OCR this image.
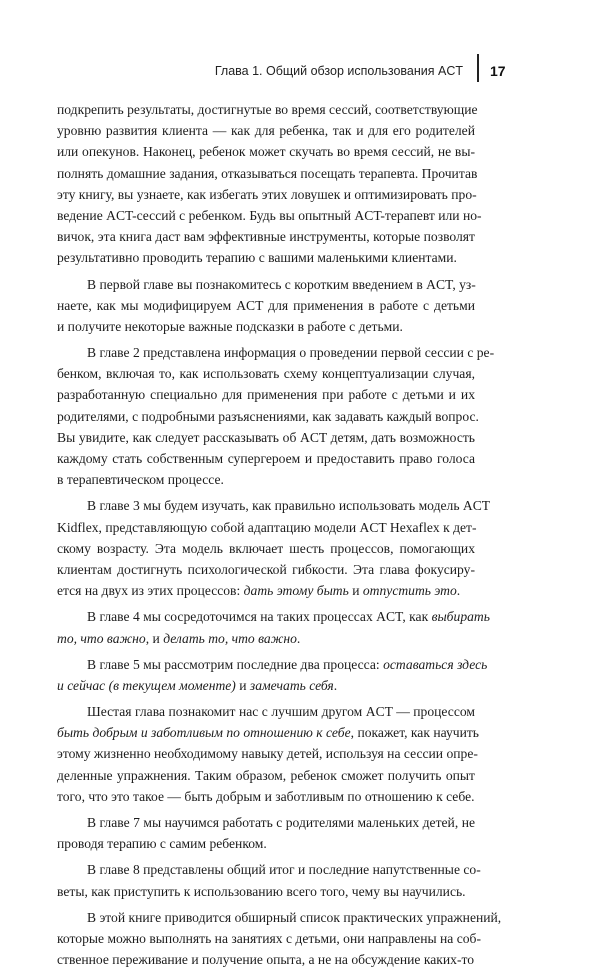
Глава 1. Общий обзор использования ACT 17
подкрепить результаты, достигнутые во время сессий, соответствующие
уровню развития клиента — как для ребенка, так и для его родителей
или опекунов. Наконец, ребенок может скучать во время сессий, не вы-
полнять домашние задания, отказываться посещать терапевта. Прочитав
эту книгу, вы узнаете, как избегать этих ловушек и оптимизировать про-
ведение ACT-сессий с ребенком. Будь вы опытный ACT-терапевт или но-
вичок, эта книга даст вам эффективные инструменты, которые позволят
результативно проводить терапию с вашими маленькими клиентами.
В первой главе вы познакомитесь с коротким введением в ACT, уз-
наете, как мы модифицируем ACT для применения в работе с детьми
и получите некоторые важные подсказки в работе с детьми.
В главе 2 представлена информация о проведении первой сессии с ре-
бенком, включая то, как использовать схему концептуализации случая,
разработанную специально для применения при работе с детьми и их
родителями, с подробными разъяснениями, как задавать каждый вопрос.
Вы увидите, как следует рассказывать об ACT детям, дать возможность
каждому стать собственным супергероем и предоставить право голоса
в терапевтическом процессе.
В главе 3 мы будем изучать, как правильно использовать модель ACT
Kidflex, представляющую собой адаптацию модели ACT Hexaflex к дет-
скому возрасту. Эта модель включает шесть процессов, помогающих
клиентам достигнуть психологической гибкости. Эта глава фокусиру-
ется на двух из этих процессов: дать этому быть и отпустить это.
В главе 4 мы сосредоточимся на таких процессах ACT, как выбирать
то, что важно, и делать то, что важно.
В главе 5 мы рассмотрим последние два процесса: оставаться здесь
и сейчас (в текущем моменте) и замечать себя.
Шестая глава познакомит нас с лучшим другом ACT — процессом
быть добрым и заботливым по отношению к себе, покажет, как научить
этому жизненно необходимому навыку детей, используя на сессии опре-
деленные упражнения. Таким образом, ребенок сможет получить опыт
того, что это такое — быть добрым и заботливым по отношению к себе.
В главе 7 мы научимся работать с родителями маленьких детей, не
проводя терапию с самим ребенком.
В главе 8 представлены общий итог и последние напутственные со-
веты, как приступить к использованию всего того, чему вы научились.
В этой книге приводится обширный список практических упражнений,
которые можно выполнять на занятиях с детьми, они направлены на соб-
ственное переживание и получение опыта, а не на обсуждение каких-то
